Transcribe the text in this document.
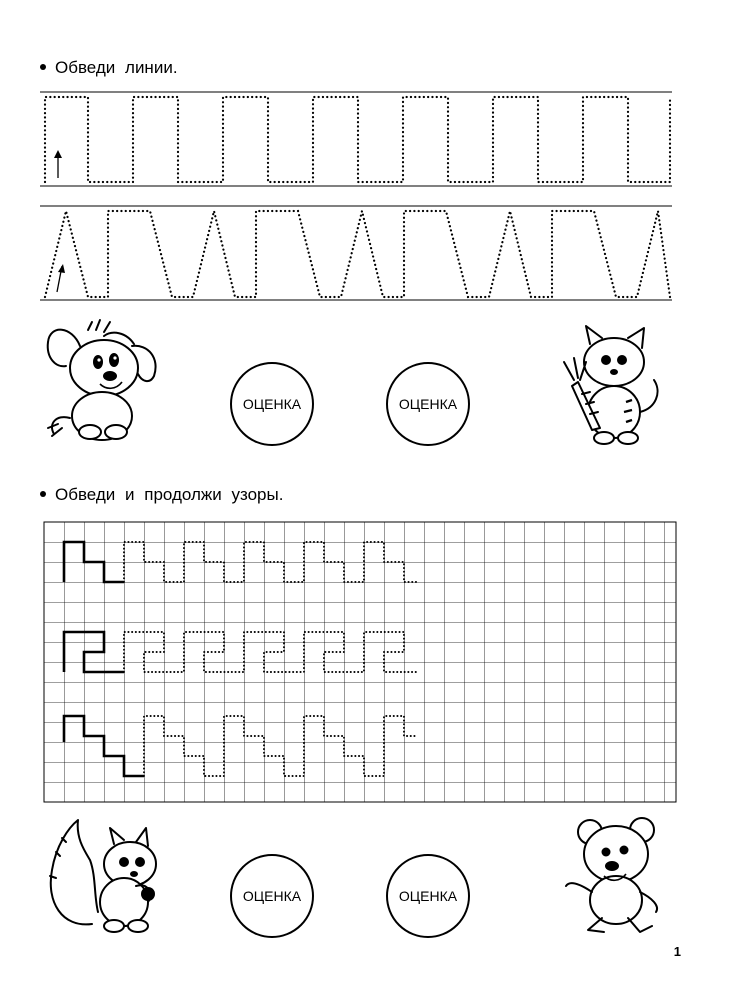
Обведи линии.
ОЦЕНКА	ОЦЕНКА
Обведи и продолжи узоры.
ОЦЕНКА	ОЦЕНКА
1
